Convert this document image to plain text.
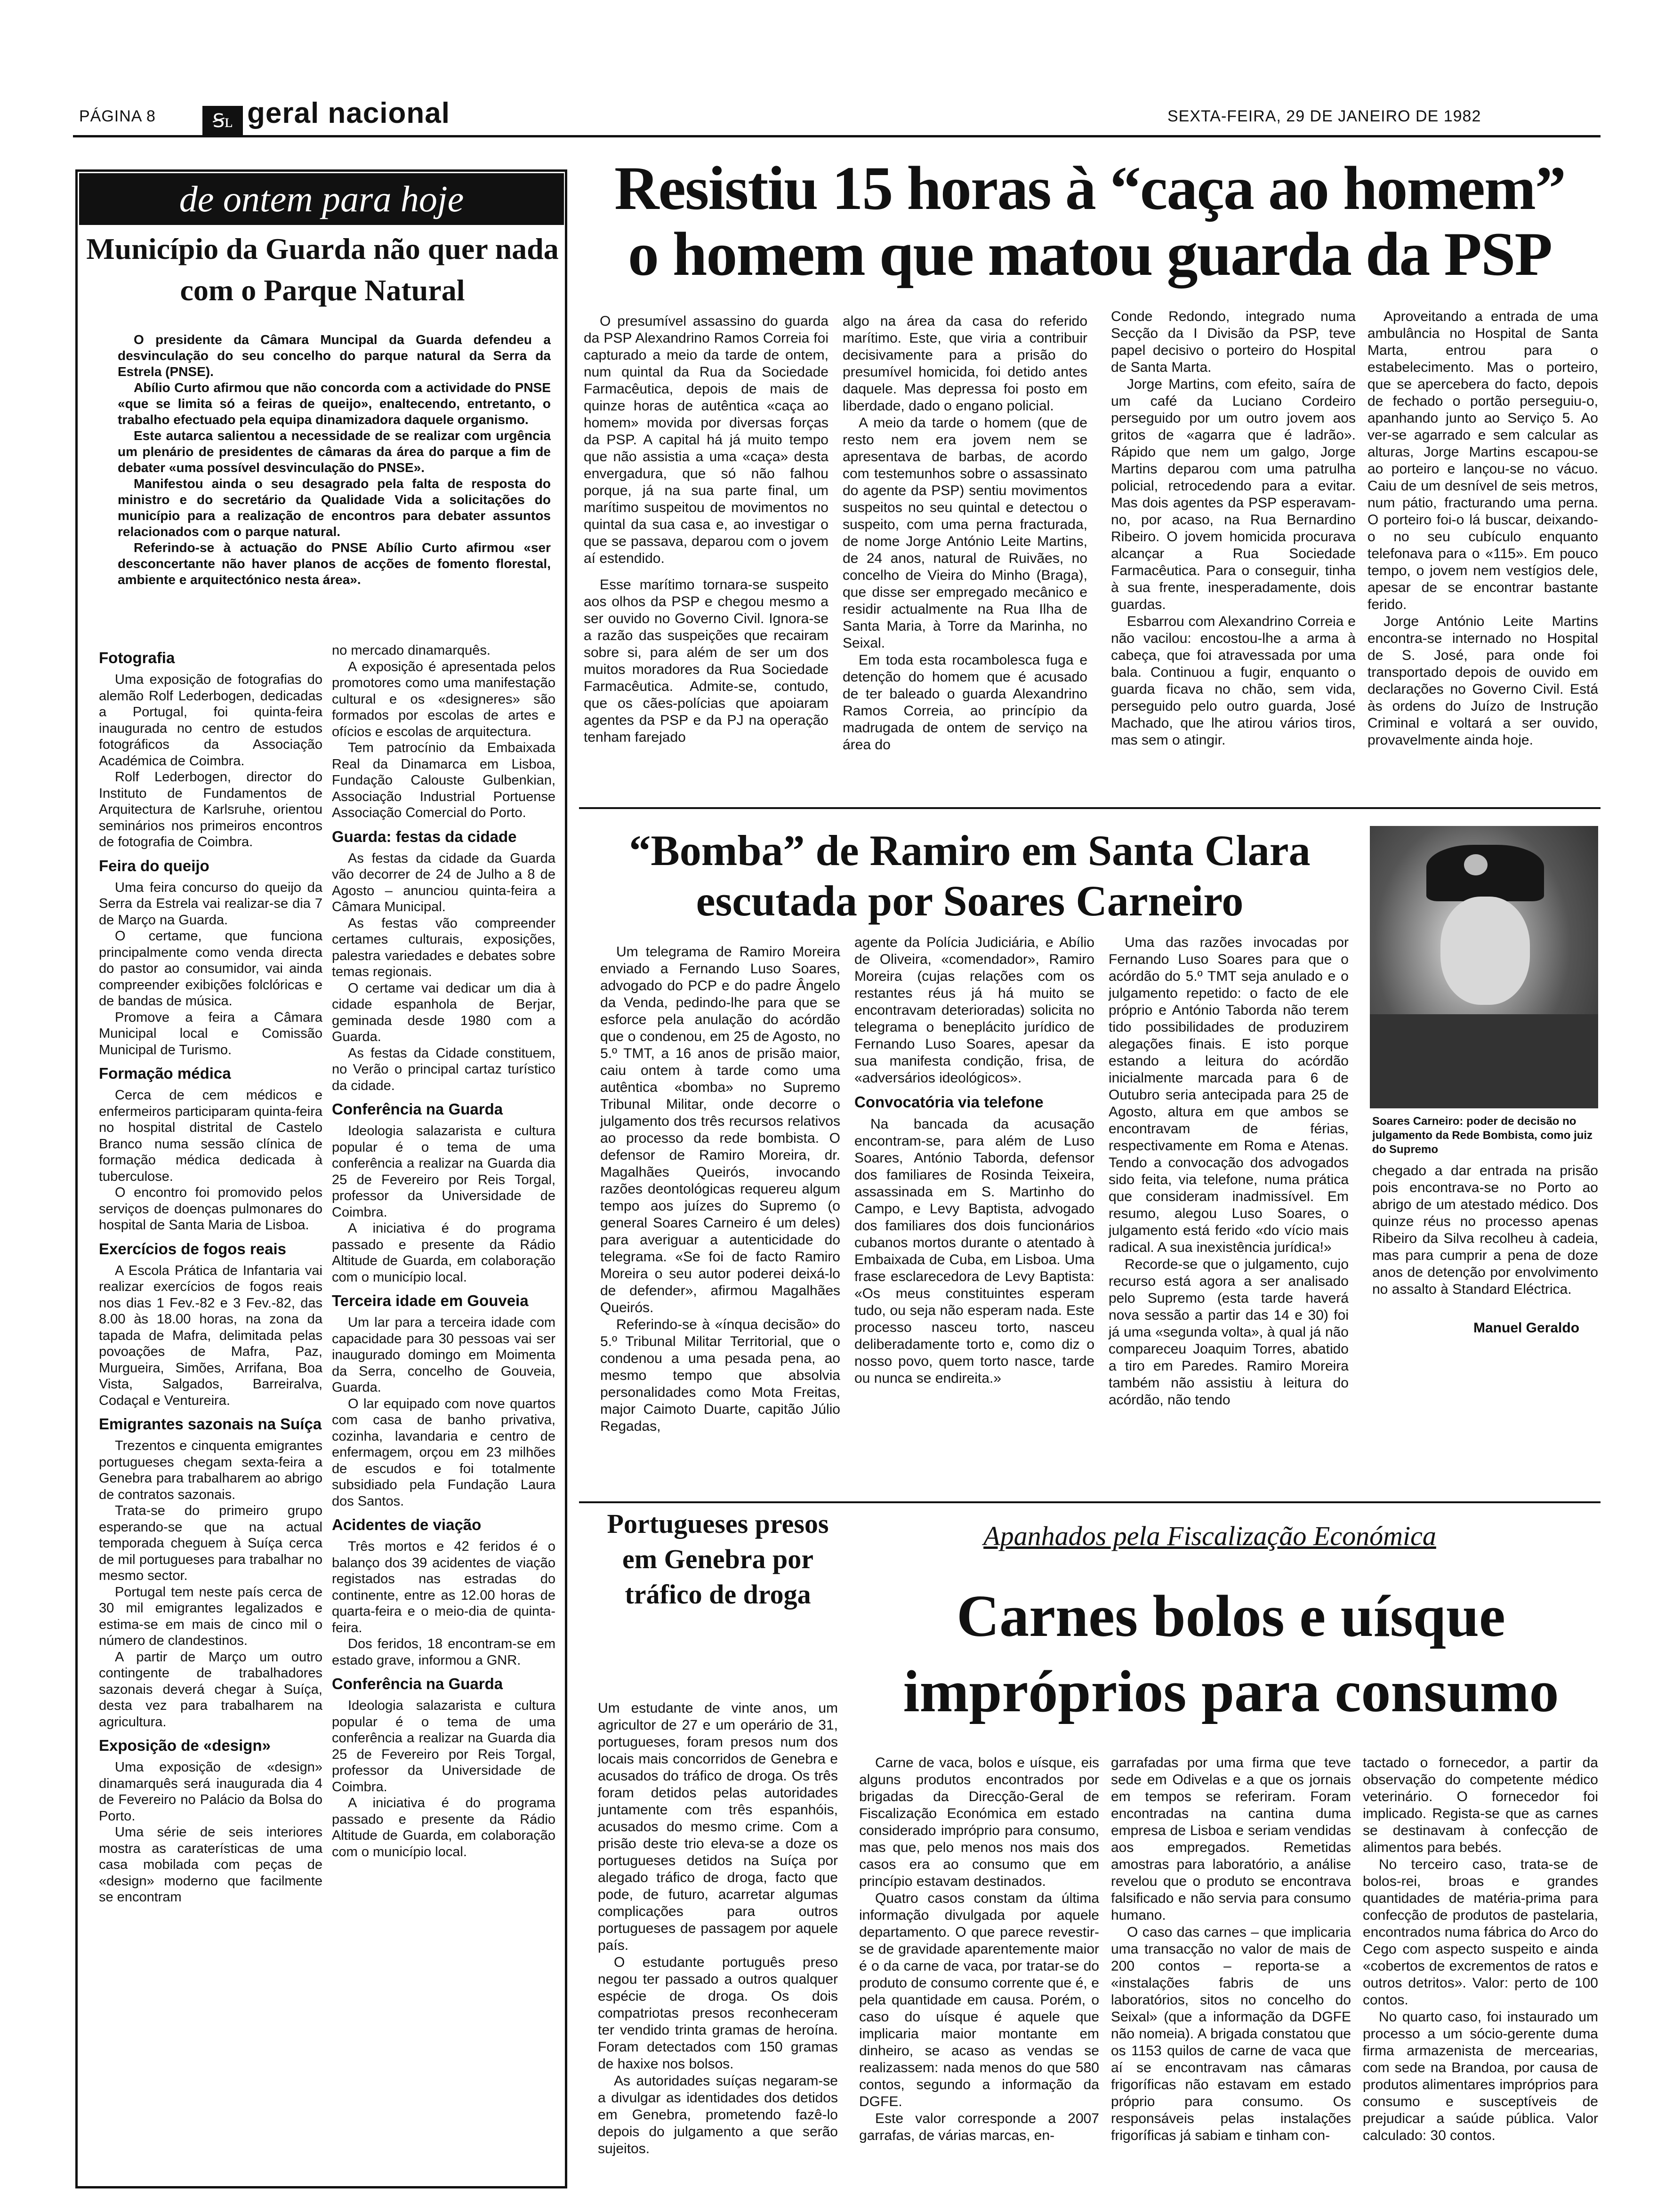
PÁGINA 8	Ꞩʟ geral nacional	SEXTA-FEIRA, 29 DE JANEIRO DE 1982
de ontem para hoje
Município da Guarda não quer nada com o Parque Natural

O presidente da Câmara Muncipal da Guarda defendeu a desvinculação do seu concelho do parque natural da Serra da Estrela (PNSE).

Abílio Curto afirmou que não concorda com a actividade do PNSE «que se limita só a feiras de queijo», enaltecendo, entretanto, o trabalho efectuado pela equipa dinamizadora daquele organismo.

Este autarca salientou a necessidade de se realizar com urgência um plenário de presidentes de câmaras da área do parque a fim de debater «uma possível desvinculação do PNSE».

Manifestou ainda o seu desagrado pela falta de resposta do ministro e do secretário da Qualidade Vida a solicitações do município para a realização de encontros para debater assuntos relacionados com o parque natural.

Referindo-se à actuação do PNSE Abílio Curto afirmou «ser desconcertante não haver planos de acções de fomento florestal, ambiente e arquitectónico nesta área».

Fotografia

Uma exposição de fotografias do alemão Rolf Lederbogen, dedicadas a Portugal, foi quinta-feira inaugurada no centro de estudos fotográficos da Associação Académica de Coimbra.

Rolf Lederbogen, director do Instituto de Fundamentos de Arquitectura de Karlsruhe, orientou seminários nos primeiros encontros de fotografia de Coimbra.

Feira do queijo

Uma feira concurso do queijo da Serra da Estrela vai realizar-se dia 7 de Março na Guarda.

O certame, que funciona principalmente como venda directa do pastor ao consumidor, vai ainda compreender exibições folclóricas e de bandas de música.

Promove a feira a Câmara Municipal local e Comissão Municipal de Turismo.

Formação médica

Cerca de cem médicos e enfermeiros participaram quinta-feira no hospital distrital de Castelo Branco numa sessão clínica de formação médica dedicada à tuberculose.

O encontro foi promovido pelos serviços de doenças pulmonares do hospital de Santa Maria de Lisboa.

Exercícios de fogos reais

A Escola Prática de Infantaria vai realizar exercícios de fogos reais nos dias 1 Fev.-82 e 3 Fev.-82, das 8.00 às 18.00 horas, na zona da tapada de Mafra, delimitada pelas povoações de Mafra, Paz, Murgueira, Simões, Arrifana, Boa Vista, Salgados, Barreiralva, Codaçal e Ventureira.

Emigrantes sazonais na Suíça

Trezentos e cinquenta emigrantes portugueses chegam sexta-feira a Genebra para trabalharem ao abrigo de contratos sazonais.

Trata-se do primeiro grupo esperando-se que na actual temporada cheguem à Suíça cerca de mil portugueses para trabalhar no mesmo sector.

Portugal tem neste país cerca de 30 mil emigrantes legalizados e estima-se em mais de cinco mil o número de clandestinos.

A partir de Março um outro contingente de trabalhadores sazonais deverá chegar à Suíça, desta vez para trabalharem na agricultura.

Exposição de «design»

Uma exposição de «design» dinamarquês será inaugurada dia 4 de Fevereiro no Palácio da Bolsa do Porto.

Uma série de seis interiores mostra as caraterísticas de uma casa mobilada com peças de «design» moderno que facilmente se encontram

no mercado dinamarquês.

A exposição é apresentada pelos promotores como uma manifestação cultural e os «designeres» são formados por escolas de artes e ofícios e escolas de arquitectura.

Tem patrocínio da Embaixada Real da Dinamarca em Lisboa, Fundação Calouste Gulbenkian, Associação Industrial Portuense Associação Comercial do Porto.

Guarda: festas da cidade

As festas da cidade da Guarda vão decorrer de 24 de Julho a 8 de Agosto – anunciou quinta-feira a Câmara Municipal.

As festas vão compreender certames culturais, exposições, palestra variedades e debates sobre temas regionais.

O certame vai dedicar um dia à cidade espanhola de Berjar, geminada desde 1980 com a Guarda.

As festas da Cidade constituem, no Verão o principal cartaz turístico da cidade.

Conferência na Guarda

Ideologia salazarista e cultura popular é o tema de uma conferência a realizar na Guarda dia 25 de Fevereiro por Reis Torgal, professor da Universidade de Coimbra.

A iniciativa é do programa passado e presente da Rádio Altitude de Guarda, em colaboração com o município local.

Terceira idade em Gouveia

Um lar para a terceira idade com capacidade para 30 pessoas vai ser inaugurado domingo em Moimenta da Serra, concelho de Gouveia, Guarda.

O lar equipado com nove quartos com casa de banho privativa, cozinha, lavandaria e centro de enfermagem, orçou em 23 milhões de escudos e foi totalmente subsidiado pela Fundação Laura dos Santos.

Acidentes de viação

Três mortos e 42 feridos é o balanço dos 39 acidentes de viação registados nas estradas do continente, entre as 12.00 horas de quarta-feira e o meio-dia de quinta-feira.

Dos feridos, 18 encontram-se em estado grave, informou a GNR.

Conferência na Guarda

Ideologia salazarista e cultura popular é o tema de uma conferência a realizar na Guarda dia 25 de Fevereiro por Reis Torgal, professor da Universidade de Coimbra.

A iniciativa é do programa passado e presente da Rádio Altitude de Guarda, em colaboração com o município local.

Resistiu 15 horas à “caça ao homem”
o homem que matou guarda da PSP

O presumível assassino do guarda da PSP Alexandrino Ramos Correia foi capturado a meio da tarde de ontem, num quintal da Rua da Sociedade Farmacêutica, depois de mais de quinze horas de autêntica «caça ao homem» movida por diversas forças da PSP. A capital há já muito tempo que não assistia a uma «caça» desta envergadura, que só não falhou porque, já na sua parte final, um marítimo suspeitou de movimentos no quintal da sua casa e, ao investigar o que se passava, deparou com o jovem aí estendido.

Esse marítimo tornara-se suspeito aos olhos da PSP e chegou mesmo a ser ouvido no Governo Civil. Ignora-se a razão das suspeições que recairam sobre si, para além de ser um dos muitos moradores da Rua Sociedade Farmacêutica. Admite-se, contudo, que os cães-polícias que apoiaram agentes da PSP e da PJ na operação tenham farejado

algo na área da casa do referido marítimo. Este, que viria a contribuir decisivamente para a prisão do presumível homicida, foi detido antes daquele. Mas depressa foi posto em liberdade, dado o engano policial.

A meio da tarde o homem (que de resto nem era jovem nem se apresentava de barbas, de acordo com testemunhos sobre o assassinato do agente da PSP) sentiu movimentos suspeitos no seu quintal e detectou o suspeito, com uma perna fracturada, de nome Jorge António Leite Martins, de 24 anos, natural de Ruivães, no concelho de Vieira do Minho (Braga), que disse ser empregado mecânico e residir actualmente na Rua Ilha de Santa Maria, à Torre da Marinha, no Seixal.

Em toda esta rocambolesca fuga e detenção do homem que é acusado de ter baleado o guarda Alexandrino Ramos Correia, ao princípio da madrugada de ontem de serviço na área do

Conde Redondo, integrado numa Secção da I Divisão da PSP, teve papel decisivo o porteiro do Hospital de Santa Marta.

Jorge Martins, com efeito, saíra de um café da Luciano Cordeiro perseguido por um outro jovem aos gritos de «agarra que é ladrão». Rápido que nem um galgo, Jorge Martins deparou com uma patrulha policial, retrocedendo para a evitar. Mas dois agentes da PSP esperavam-no, por acaso, na Rua Bernardino Ribeiro. O jovem homicida procurava alcançar a Rua Sociedade Farmacêutica. Para o conseguir, tinha à sua frente, inesperadamente, dois guardas.

Esbarrou com Alexandrino Correia e não vacilou: encostou-lhe a arma à cabeça, que foi atravessada por uma bala. Continuou a fugir, enquanto o guarda ficava no chão, sem vida, perseguido pelo outro guarda, José Machado, que lhe atirou vários tiros, mas sem o atingir.

Aproveitando a entrada de uma ambulância no Hospital de Santa Marta, entrou para o estabelecimento. Mas o porteiro, que se apercebera do facto, depois de fechado o portão perseguiu-o, apanhando junto ao Serviço 5. Ao ver-se agarrado e sem calcular as alturas, Jorge Martins escapou-se ao porteiro e lançou-se no vácuo. Caiu de um desnível de seis metros, num pátio, fracturando uma perna. O porteiro foi-o lá buscar, deixando-o no seu cubículo enquanto telefonava para o «115». Em pouco tempo, o jovem nem vestígios dele, apesar de se encontrar bastante ferido.

Jorge António Leite Martins encontra-se internado no Hospital de S. José, para onde foi transportado depois de ouvido em declarações no Governo Civil. Está às ordens do Juízo de Instrução Criminal e voltará a ser ouvido, provavelmente ainda hoje.

“Bomba” de Ramiro em Santa Clara
escutada por Soares Carneiro

Um telegrama de Ramiro Moreira enviado a Fernando Luso Soares, advogado do PCP e do padre Ângelo da Venda, pedindo-lhe para que se esforce pela anulação do acórdão que o condenou, em 25 de Agosto, no 5.º TMT, a 16 anos de prisão maior, caiu ontem à tarde como uma autêntica «bomba» no Supremo Tribunal Militar, onde decorre o julgamento dos três recursos relativos ao processo da rede bombista. O defensor de Ramiro Moreira, dr. Magalhães Queirós, invocando razões deontológicas requereu algum tempo aos juízes do Supremo (o general Soares Carneiro é um deles) para averiguar a autenticidade do telegrama. «Se foi de facto Ramiro Moreira o seu autor poderei deixá-lo de defender», afirmou Magalhães Queirós.

Referindo-se à «ínqua decisão» do 5.º Tribunal Militar Territorial, que o condenou a uma pesada pena, ao mesmo tempo que absolvia personalidades como Mota Freitas, major Caimoto Duarte, capitão Júlio Regadas,

agente da Polícia Judiciária, e Abílio de Oliveira, «comendador», Ramiro Moreira (cujas relações com os restantes réus já há muito se encontravam deterioradas) solicita no telegrama o beneplácito jurídico de Fernando Luso Soares, apesar da sua manifesta condição, frisa, de «adversários ideológicos».

Convocatória via telefone

Na bancada da acusação encontram-se, para além de Luso Soares, António Taborda, defensor dos familiares de Rosinda Teixeira, assassinada em S. Martinho do Campo, e Levy Baptista, advogado dos familiares dos dois funcionários cubanos mortos durante o atentado à Embaixada de Cuba, em Lisboa. Uma frase esclarecedora de Levy Baptista: «Os meus constituintes esperam tudo, ou seja não esperam nada. Este processo nasceu torto, nasceu deliberadamente torto e, como diz o nosso povo, quem torto nasce, tarde ou nunca se endireita.»

Uma das razões invocadas por Fernando Luso Soares para que o acórdão do 5.º TMT seja anulado e o julgamento repetido: o facto de ele próprio e António Taborda não terem tido possibilidades de produzirem alegações finais. E isto porque estando a leitura do acórdão inicialmente marcada para 6 de Outubro seria antecipada para 25 de Agosto, altura em que ambos se encontravam de férias, respectivamente em Roma e Atenas. Tendo a convocação dos advogados sido feita, via telefone, numa prática que consideram inadmissível. Em resumo, alegou Luso Soares, o julgamento está ferido «do vício mais radical. A sua inexistência jurídica!»

Recorde-se que o julgamento, cujo recurso está agora a ser analisado pelo Supremo (esta tarde haverá nova sessão a partir das 14 e 30) foi já uma «segunda volta», à qual já não compareceu Joaquim Torres, abatido a tiro em Paredes. Ramiro Moreira também não assistiu à leitura do acórdão, não tendo

Soares Carneiro: poder de decisão no julgamento da Rede Bombista, como juiz do Supremo

chegado a dar entrada na prisão pois encontrava-se no Porto ao abrigo de um atestado médico. Dos quinze réus no processo apenas Ribeiro da Silva recolheu à cadeia, mas para cumprir a pena de doze anos de detenção por envolvimento no assalto à Standard Eléctrica.

Manuel Geraldo
Portugueses presos em Genebra por tráfico de droga

Um estudante de vinte anos, um agricultor de 27 e um operário de 31, portugueses, foram presos num dos locais mais concorridos de Genebra e acusados do tráfico de droga. Os três foram detidos pelas autoridades juntamente com três espanhóis, acusados do mesmo crime. Com a prisão deste trio eleva-se a doze os portugueses detidos na Suíça por alegado tráfico de droga, facto que pode, de futuro, acarretar algumas complicações para outros portugueses de passagem por aquele país.

O estudante português preso negou ter passado a outros qualquer espécie de droga. Os dois compatriotas presos reconheceram ter vendido trinta gramas de heroína. Foram detectados com 150 gramas de haxixe nos bolsos.

As autoridades suíças negaram-se a divulgar as identidades dos detidos em Genebra, prometendo fazê-lo depois do julgamento a que serão sujeitos.

Apanhados pela Fiscalização Económica
Carnes bolos e uísque
impróprios para consumo

Carne de vaca, bolos e uísque, eis alguns produtos encontrados por brigadas da Direcção-Geral de Fiscalização Económica em estado considerado impróprio para consumo, mas que, pelo menos nos mais dos casos era ao consumo que em princípio estavam destinados.

Quatro casos constam da última informação divulgada por aquele departamento. O que parece revestir-se de gravidade aparentemente maior é o da carne de vaca, por tratar-se do produto de consumo corrente que é, e pela quantidade em causa. Porém, o caso do uísque é aquele que implicaria maior montante em dinheiro, se acaso as vendas se realizassem: nada menos do que 580 contos, segundo a informação da DGFE.

Este valor corresponde a 2007 garrafas, de várias marcas, en-

garrafadas por uma firma que teve sede em Odivelas e a que os jornais em tempos se referiram. Foram encontradas na cantina duma empresa de Lisboa e seriam vendidas aos empregados. Remetidas amostras para laboratório, a análise revelou que o produto se encontrava falsificado e não servia para consumo humano.

O caso das carnes – que implicaria uma transacção no valor de mais de 200 contos – reporta-se a «instalações fabris de uns laboratórios, sitos no concelho do Seixal» (que a informação da DGFE não nomeia). A brigada constatou que os 1153 quilos de carne de vaca que aí se encontravam nas câmaras frigoríficas não estavam em estado próprio para consumo. Os responsáveis pelas instalações frigoríficas já sabiam e tinham con-

tactado o fornecedor, a partir da observação do competente médico veterinário. O fornecedor foi implicado. Regista-se que as carnes se destinavam à confecção de alimentos para bebés.

No terceiro caso, trata-se de bolos-rei, broas e grandes quantidades de matéria-prima para confecção de produtos de pastelaria, encontrados numa fábrica do Arco do Cego com aspecto suspeito e ainda «cobertos de excrementos de ratos e outros detritos». Valor: perto de 100 contos.

No quarto caso, foi instaurado um processo a um sócio-gerente duma firma armazenista de mercearias, com sede na Brandoa, por causa de produtos alimentares impróprios para consumo e susceptíveis de prejudicar a saúde pública. Valor calculado: 30 contos.
